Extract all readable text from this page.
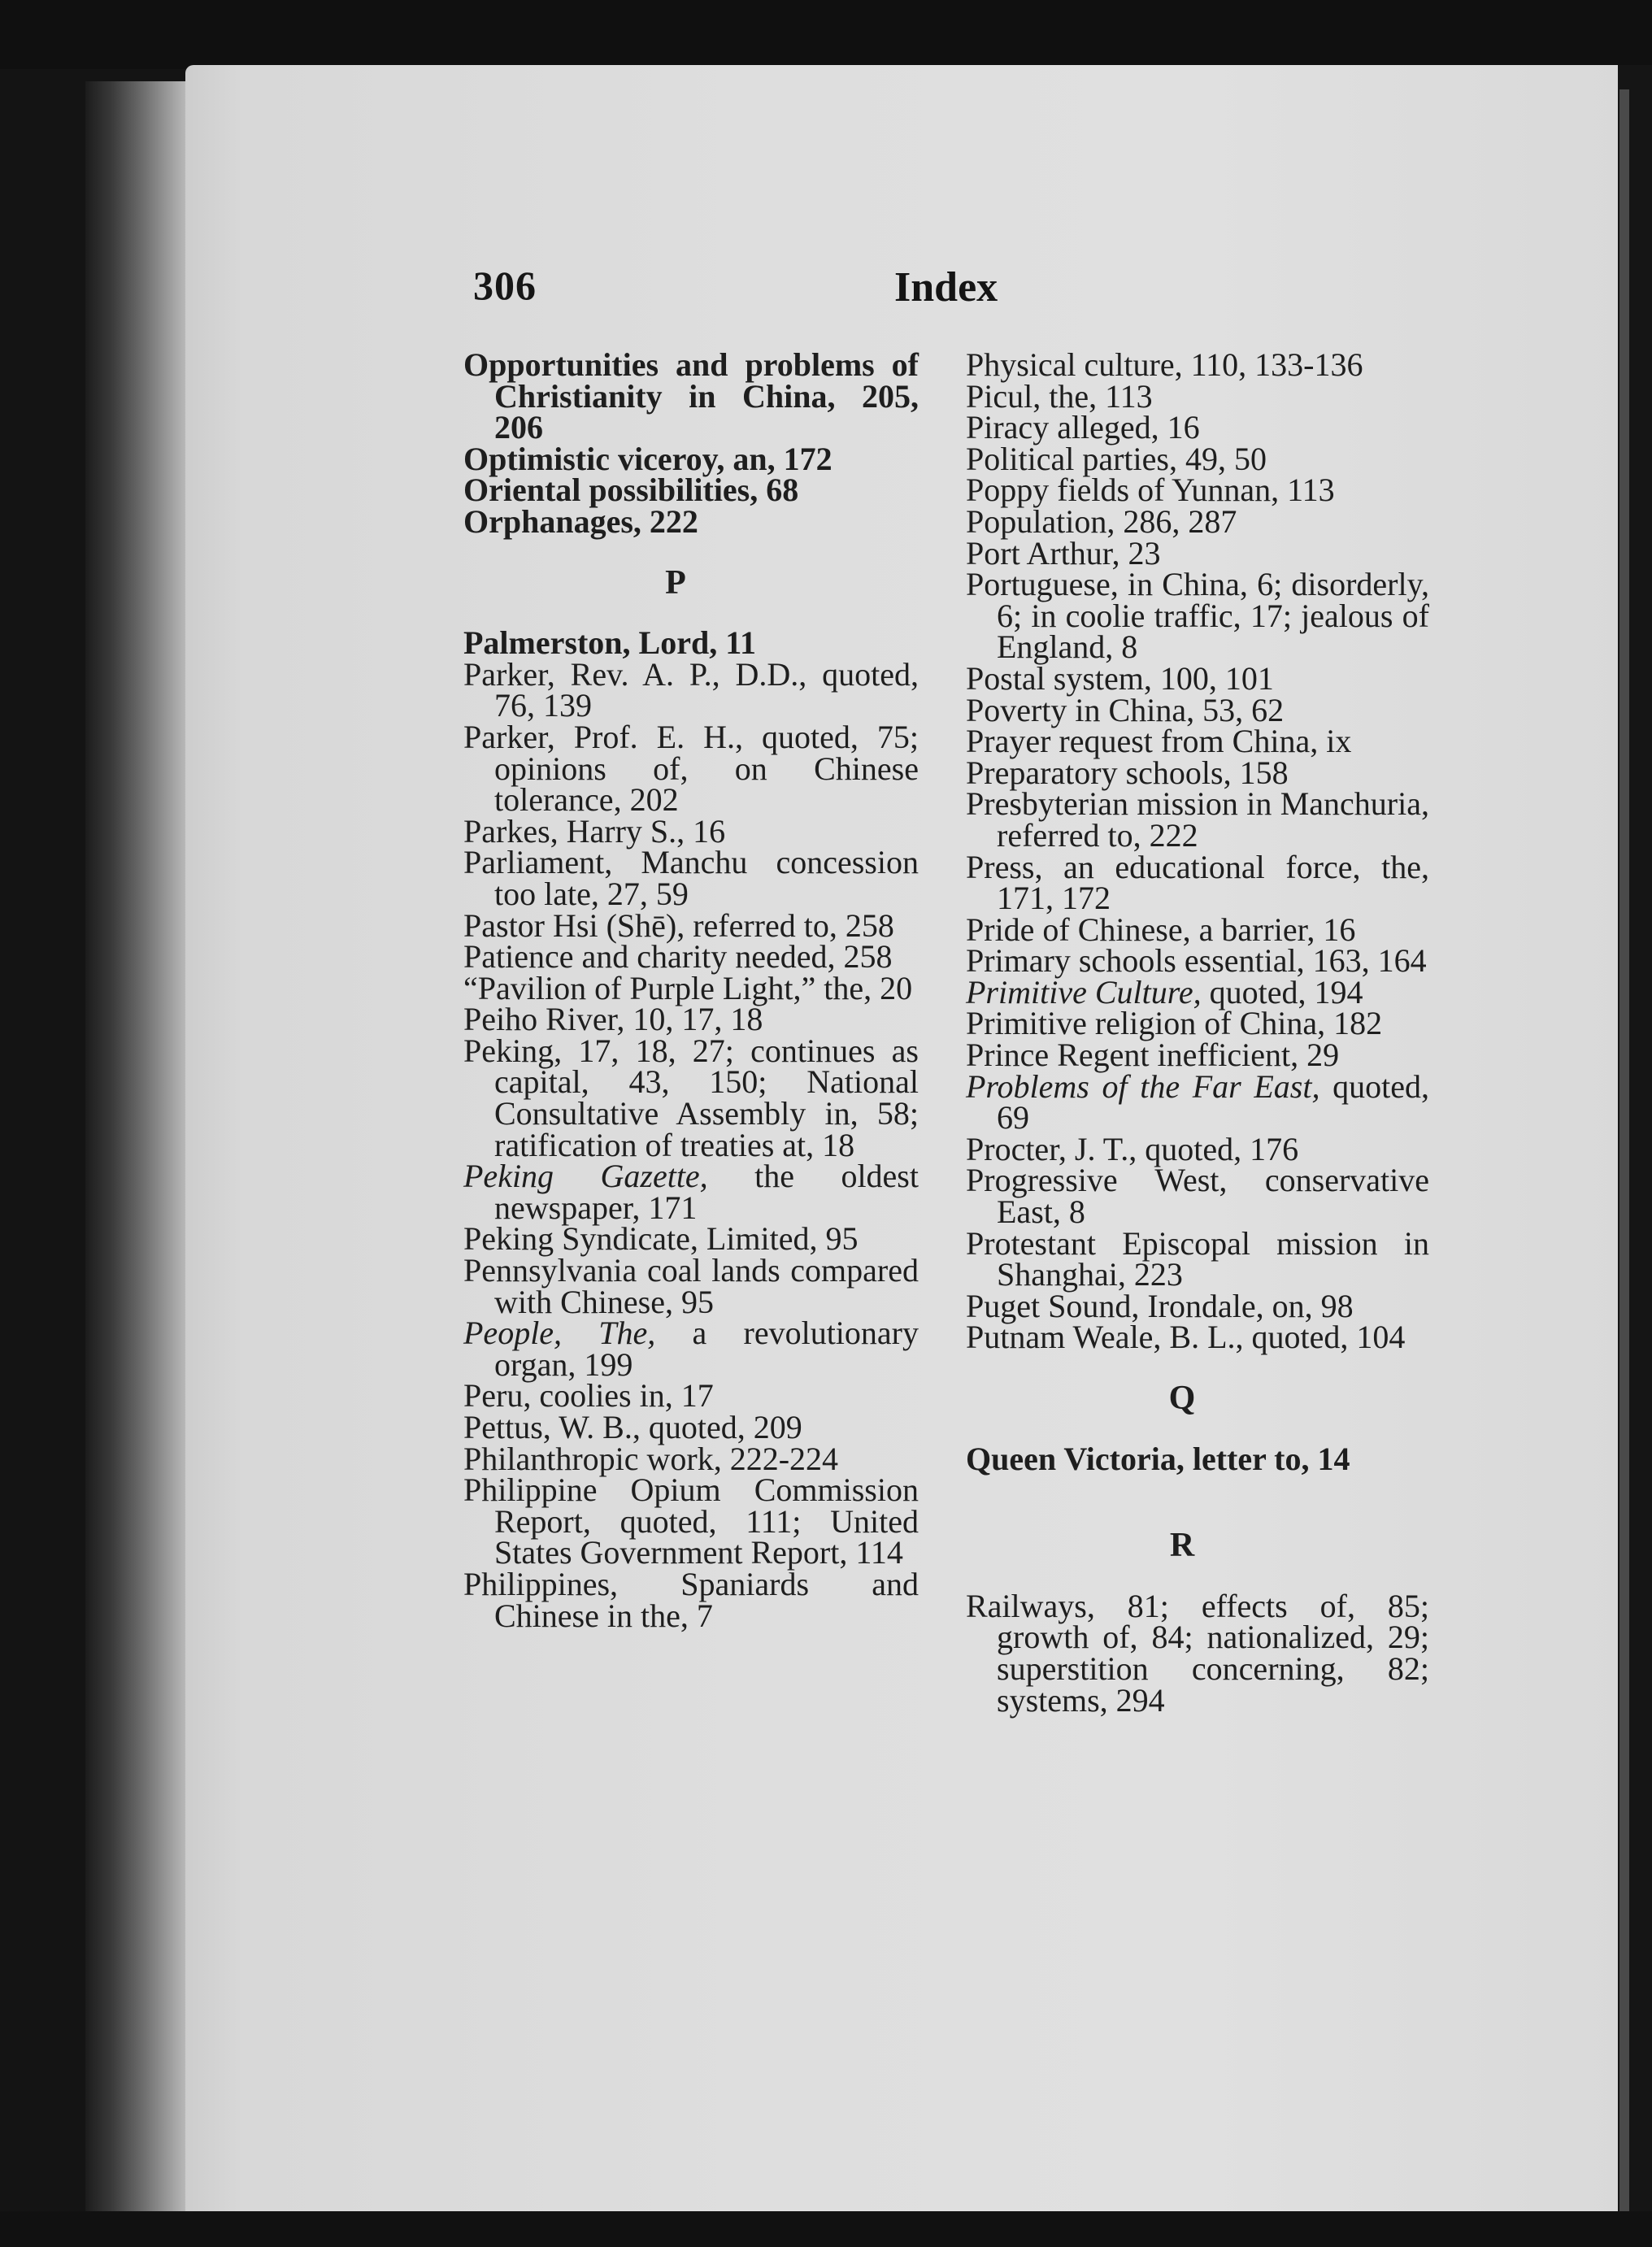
306	Index

Opportunities and problems of Christianity in China, 205, 206

Optimistic viceroy, an, 172

Oriental possibilities, 68

Orphanages, 222

P

Palmerston, Lord, 11

Parker, Rev. A. P., D.D., quoted, 76, 139

Parker, Prof. E. H., quoted, 75; opinions of, on Chinese tolerance, 202

Parkes, Harry S., 16

Parliament, Manchu concession too late, 27, 59

Pastor Hsi (Shē), referred to, 258

Patience and charity needed, 258

“Pavilion of Purple Light,” the, 20

Peiho River, 10, 17, 18

Peking, 17, 18, 27; continues as capital, 43, 150; National Consultative Assembly in, 58; ratification of treaties at, 18

Peking Gazette, the oldest newspaper, 171

Peking Syndicate, Limited, 95

Pennsylvania coal lands compared with Chinese, 95

People, The, a revolutionary organ, 199

Peru, coolies in, 17

Pettus, W. B., quoted, 209

Philanthropic work, 222-224

Philippine Opium Commission Report, quoted, 111; United States Government Report, 114

Philippines, Spaniards and Chinese in the, 7

Physical culture, 110, 133-136

Picul, the, 113

Piracy alleged, 16

Political parties, 49, 50

Poppy fields of Yunnan, 113

Population, 286, 287

Port Arthur, 23

Portuguese, in China, 6; disorderly, 6; in coolie traffic, 17; jealous of England, 8

Postal system, 100, 101

Poverty in China, 53, 62

Prayer request from China, ix

Preparatory schools, 158

Presbyterian mission in Manchuria, referred to, 222

Press, an educational force, the, 171, 172

Pride of Chinese, a barrier, 16

Primary schools essential, 163, 164

Primitive Culture, quoted, 194

Primitive religion of China, 182

Prince Regent inefficient, 29

Problems of the Far East, quoted, 69

Procter, J. T., quoted, 176

Progressive West, conservative East, 8

Protestant Episcopal mission in Shanghai, 223

Puget Sound, Irondale, on, 98

Putnam Weale, B. L., quoted, 104

Q

Queen Victoria, letter to, 14

R

Railways, 81; effects of, 85; growth of, 84; nationalized, 29; superstition concerning, 82; systems, 294
